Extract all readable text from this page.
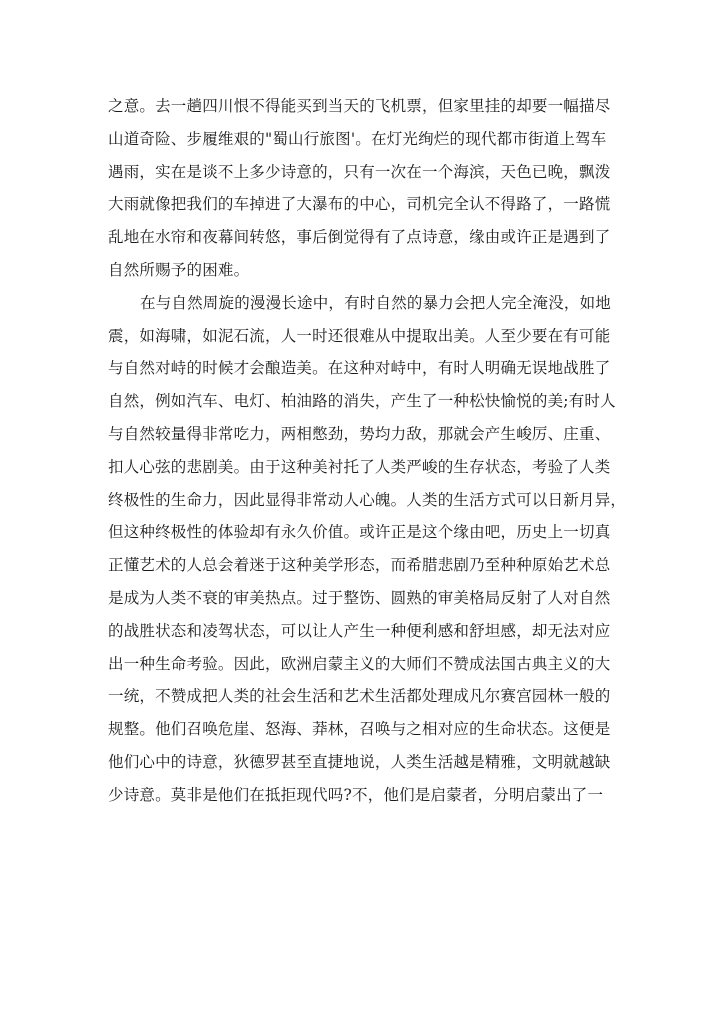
之意。去一趟四川恨不得能买到当天的飞机票，但家里挂的却要一幅描尽
山道奇险、步履维艰的"蜀山行旅图'。在灯光绚烂的现代都市街道上驾车
遇雨，实在是谈不上多少诗意的，只有一次在一个海滨，天色已晚，飘泼
大雨就像把我们的车掉进了大瀑布的中心，司机完全认不得路了，一路慌
乱地在水帘和夜幕间转悠，事后倒觉得有了点诗意，缘由或许正是遇到了
自然所赐予的困难。
在与自然周旋的漫漫长途中，有时自然的暴力会把人完全淹没，如地
震，如海啸，如泥石流，人一时还很难从中提取出美。人至少要在有可能
与自然对峙的时候才会酿造美。在这种对峙中，有时人明确无误地战胜了
自然，例如汽车、电灯、柏油路的消失，产生了一种松快愉悦的美;有时人
与自然较量得非常吃力，两相憋劲，势均力敌，那就会产生峻厉、庄重、
扣人心弦的悲剧美。由于这种美衬托了人类严峻的生存状态，考验了人类
终极性的生命力，因此显得非常动人心魄。人类的生活方式可以日新月异，
但这种终极性的体验却有永久价值。或许正是这个缘由吧，历史上一切真
正懂艺术的人总会着迷于这种美学形态，而希腊悲剧乃至种种原始艺术总
是成为人类不衰的审美热点。过于整饬、圆熟的审美格局反射了人对自然
的战胜状态和凌驾状态，可以让人产生一种便利感和舒坦感，却无法对应
出一种生命考验。因此，欧洲启蒙主义的大师们不赞成法国古典主义的大
一统，不赞成把人类的社会生活和艺术生活都处理成凡尔赛宫园林一般的
规整。他们召唤危崖、怒海、莽林，召唤与之相对应的生命状态。这便是
他们心中的诗意，狄德罗甚至直捷地说，人类生活越是精雅，文明就越缺
少诗意。莫非是他们在抵拒现代吗?不，他们是启蒙者，分明启蒙出了一
